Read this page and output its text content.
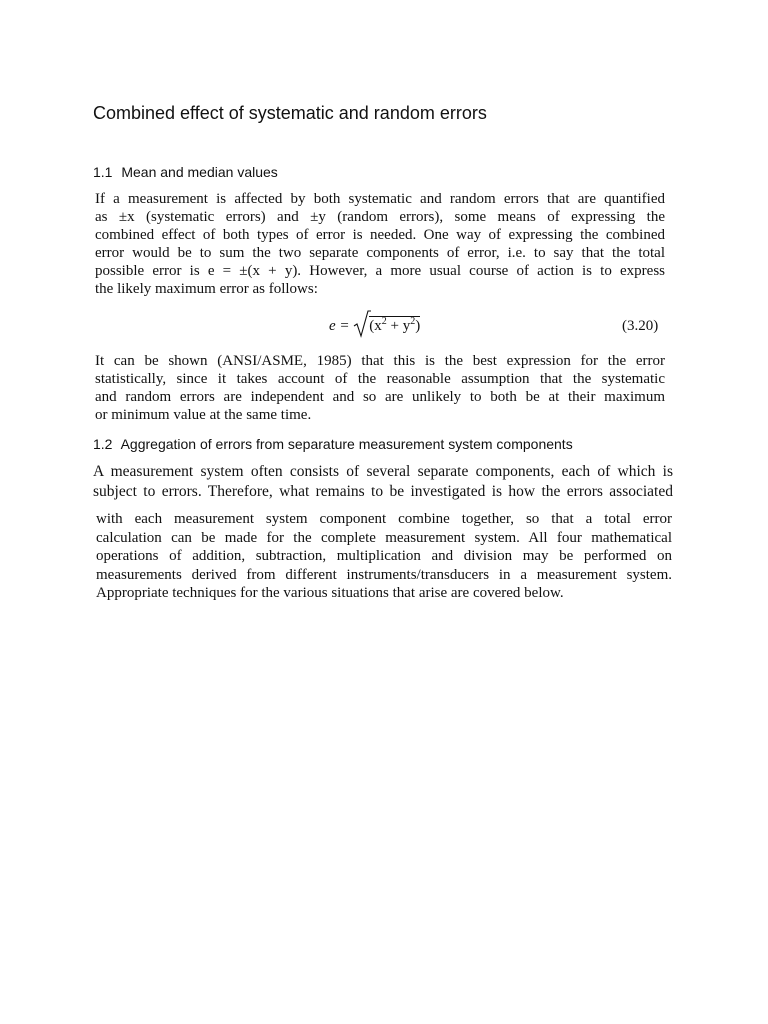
Combined effect of systematic and random errors
1.1 Mean and median values
If a measurement is affected by both systematic and random errors that are quantified
as ±x (systematic errors) and ±y (random errors), some means of expressing the
combined effect of both types of error is needed. One way of expressing the combined
error would be to sum the two separate components of error, i.e. to say that the total
possible error is e = ±(x + y). However, a more usual course of action is to express
the likely maximum error as follows:
$e = (x^2 + y^2)$	(3.20)
It can be shown (ANSI/ASME, 1985) that this is the best expression for the error
statistically, since it takes account of the reasonable assumption that the systematic
and random errors are independent and so are unlikely to both be at their maximum
or minimum value at the same time.
1.2 Aggregation of errors from separature measurement system components
A measurement system often consists of several separate components, each of which is
subject to errors. Therefore, what remains to be investigated is how the errors associated
with each measurement system component combine together, so that a total error
calculation can be made for the complete measurement system. All four mathematical
operations of addition, subtraction, multiplication and division may be performed on
measurements derived from different instruments/transducers in a measurement system.
Appropriate techniques for the various situations that arise are covered below.
